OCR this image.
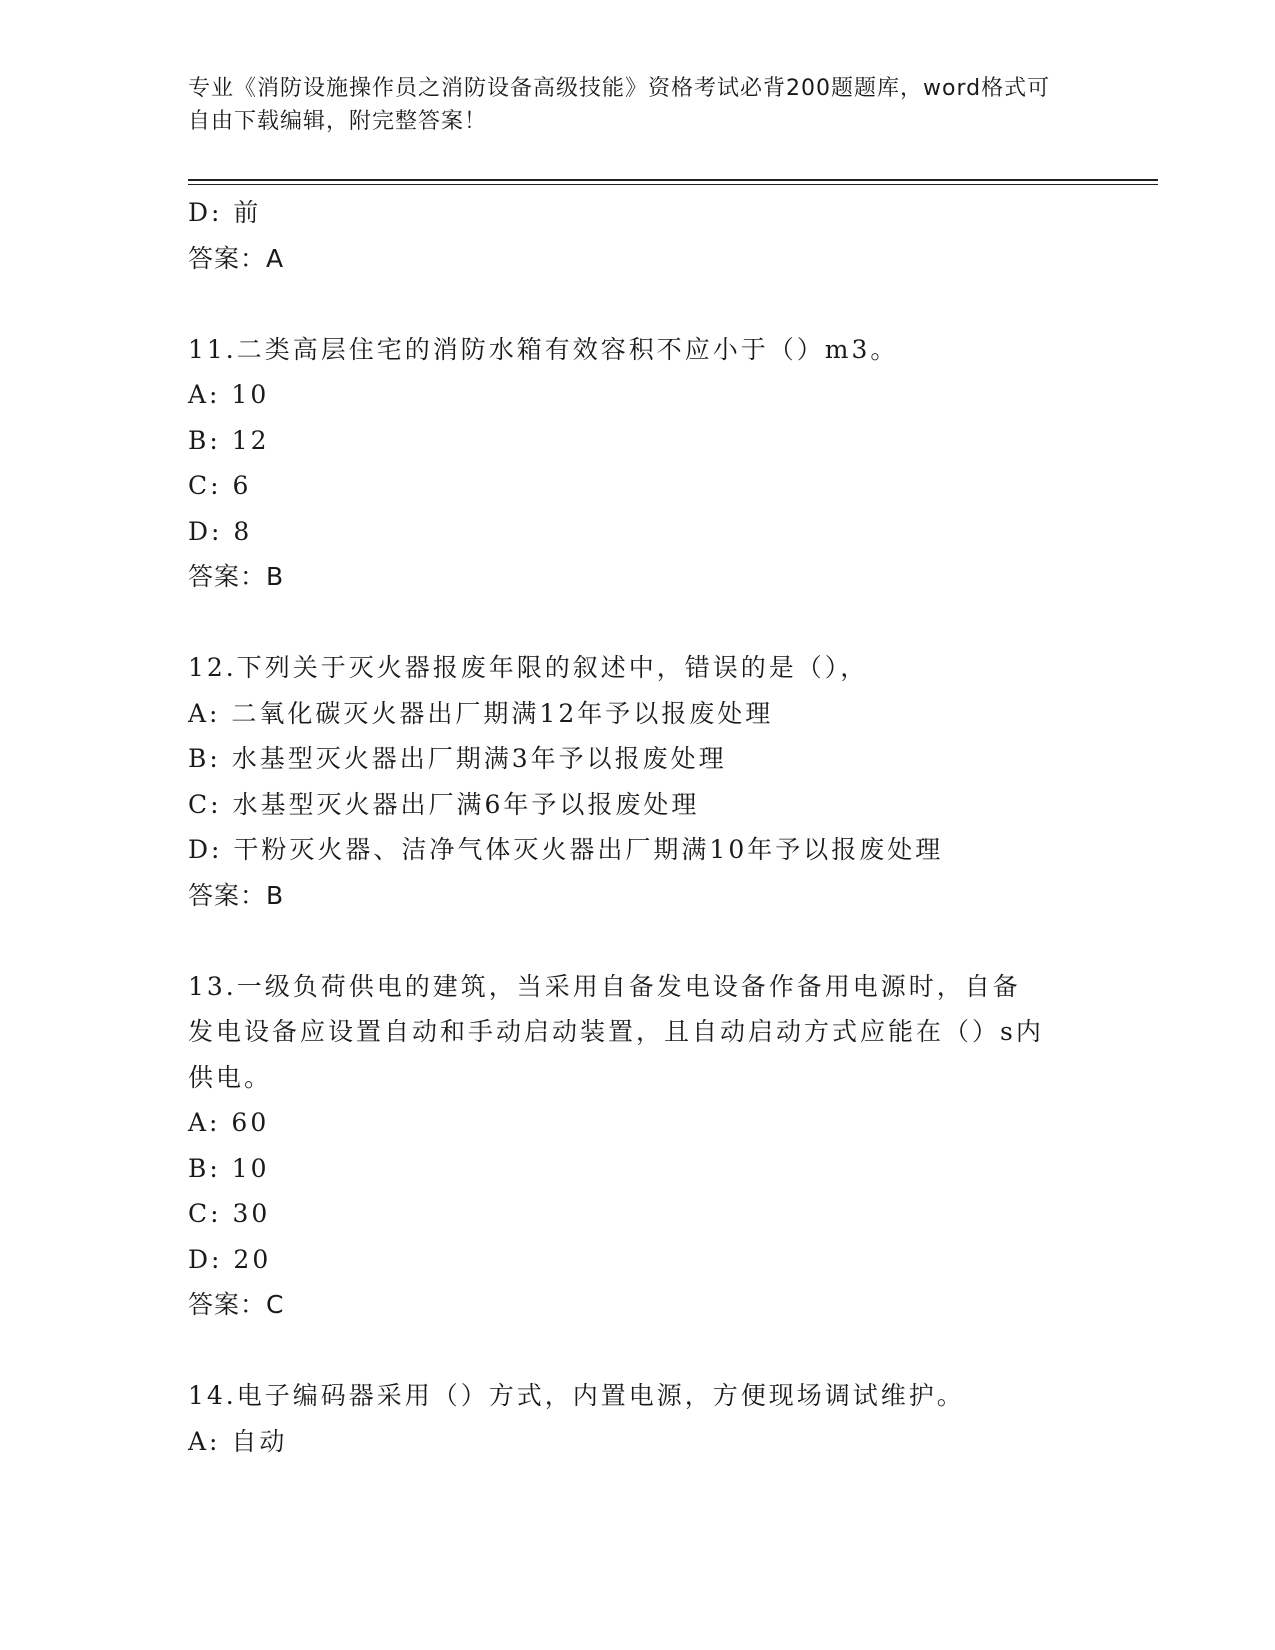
专业《消防设施操作员之消防设备高级技能》资格考试必背200题题库，word格式可自由下载编辑，附完整答案！
D: 前
答案：A
11.二类高层住宅的消防水箱有效容积不应小于（）m3。
A: 10
B: 12
C: 6
D: 8
答案：B
12.下列关于灭火器报废年限的叙述中，错误的是（），
A: 二氧化碳灭火器出厂期满12年予以报废处理
B: 水基型灭火器出厂期满3年予以报废处理
C: 水基型灭火器出厂满6年予以报废处理
D: 干粉灭火器、洁净气体灭火器出厂期满10年予以报废处理
答案：B
13.一级负荷供电的建筑，当采用自备发电设备作备用电源时，自备发电设备应设置自动和手动启动装置，且自动启动方式应能在（）s内供电。
A: 60
B: 10
C: 30
D: 20
答案：C
14.电子编码器采用（）方式，内置电源，方便现场调试维护。
A: 自动
